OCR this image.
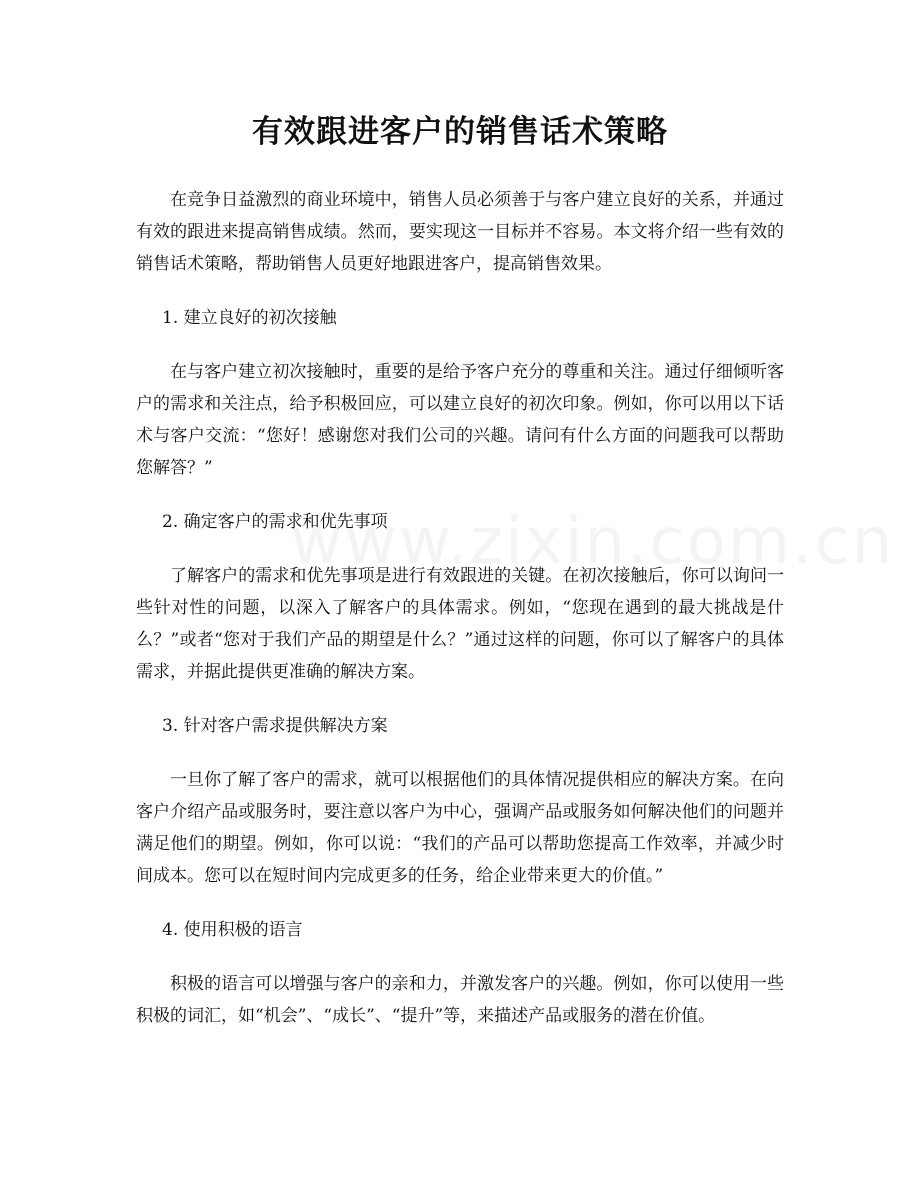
有效跟进客户的销售话术策略

在竞争日益激烈的商业环境中，销售人员必须善于与客户建立良好的关系，并通过有效的跟进来提高销售成绩。然而，要实现这一目标并不容易。本文将介绍一些有效的销售话术策略，帮助销售人员更好地跟进客户，提高销售效果。

1. 建立良好的初次接触

在与客户建立初次接触时，重要的是给予客户充分的尊重和关注。通过仔细倾听客户的需求和关注点，给予积极回应，可以建立良好的初次印象。例如，你可以用以下话术与客户交流：“您好！感谢您对我们公司的兴趣。请问有什么方面的问题我可以帮助您解答？”

2. 确定客户的需求和优先事项

了解客户的需求和优先事项是进行有效跟进的关键。在初次接触后，你可以询问一些针对性的问题，以深入了解客户的具体需求。例如，“您现在遇到的最大挑战是什么？”或者“您对于我们产品的期望是什么？”通过这样的问题，你可以了解客户的具体需求，并据此提供更准确的解决方案。

3. 针对客户需求提供解决方案

一旦你了解了客户的需求，就可以根据他们的具体情况提供相应的解决方案。在向客户介绍产品或服务时，要注意以客户为中心，强调产品或服务如何解决他们的问题并满足他们的期望。例如，你可以说：“我们的产品可以帮助您提高工作效率，并减少时间成本。您可以在短时间内完成更多的任务，给企业带来更大的价值。”

4. 使用积极的语言

积极的语言可以增强与客户的亲和力，并激发客户的兴趣。例如，你可以使用一些积极的词汇，如“机会”、“成长”、“提升”等，来描述产品或服务的潜在价值。
